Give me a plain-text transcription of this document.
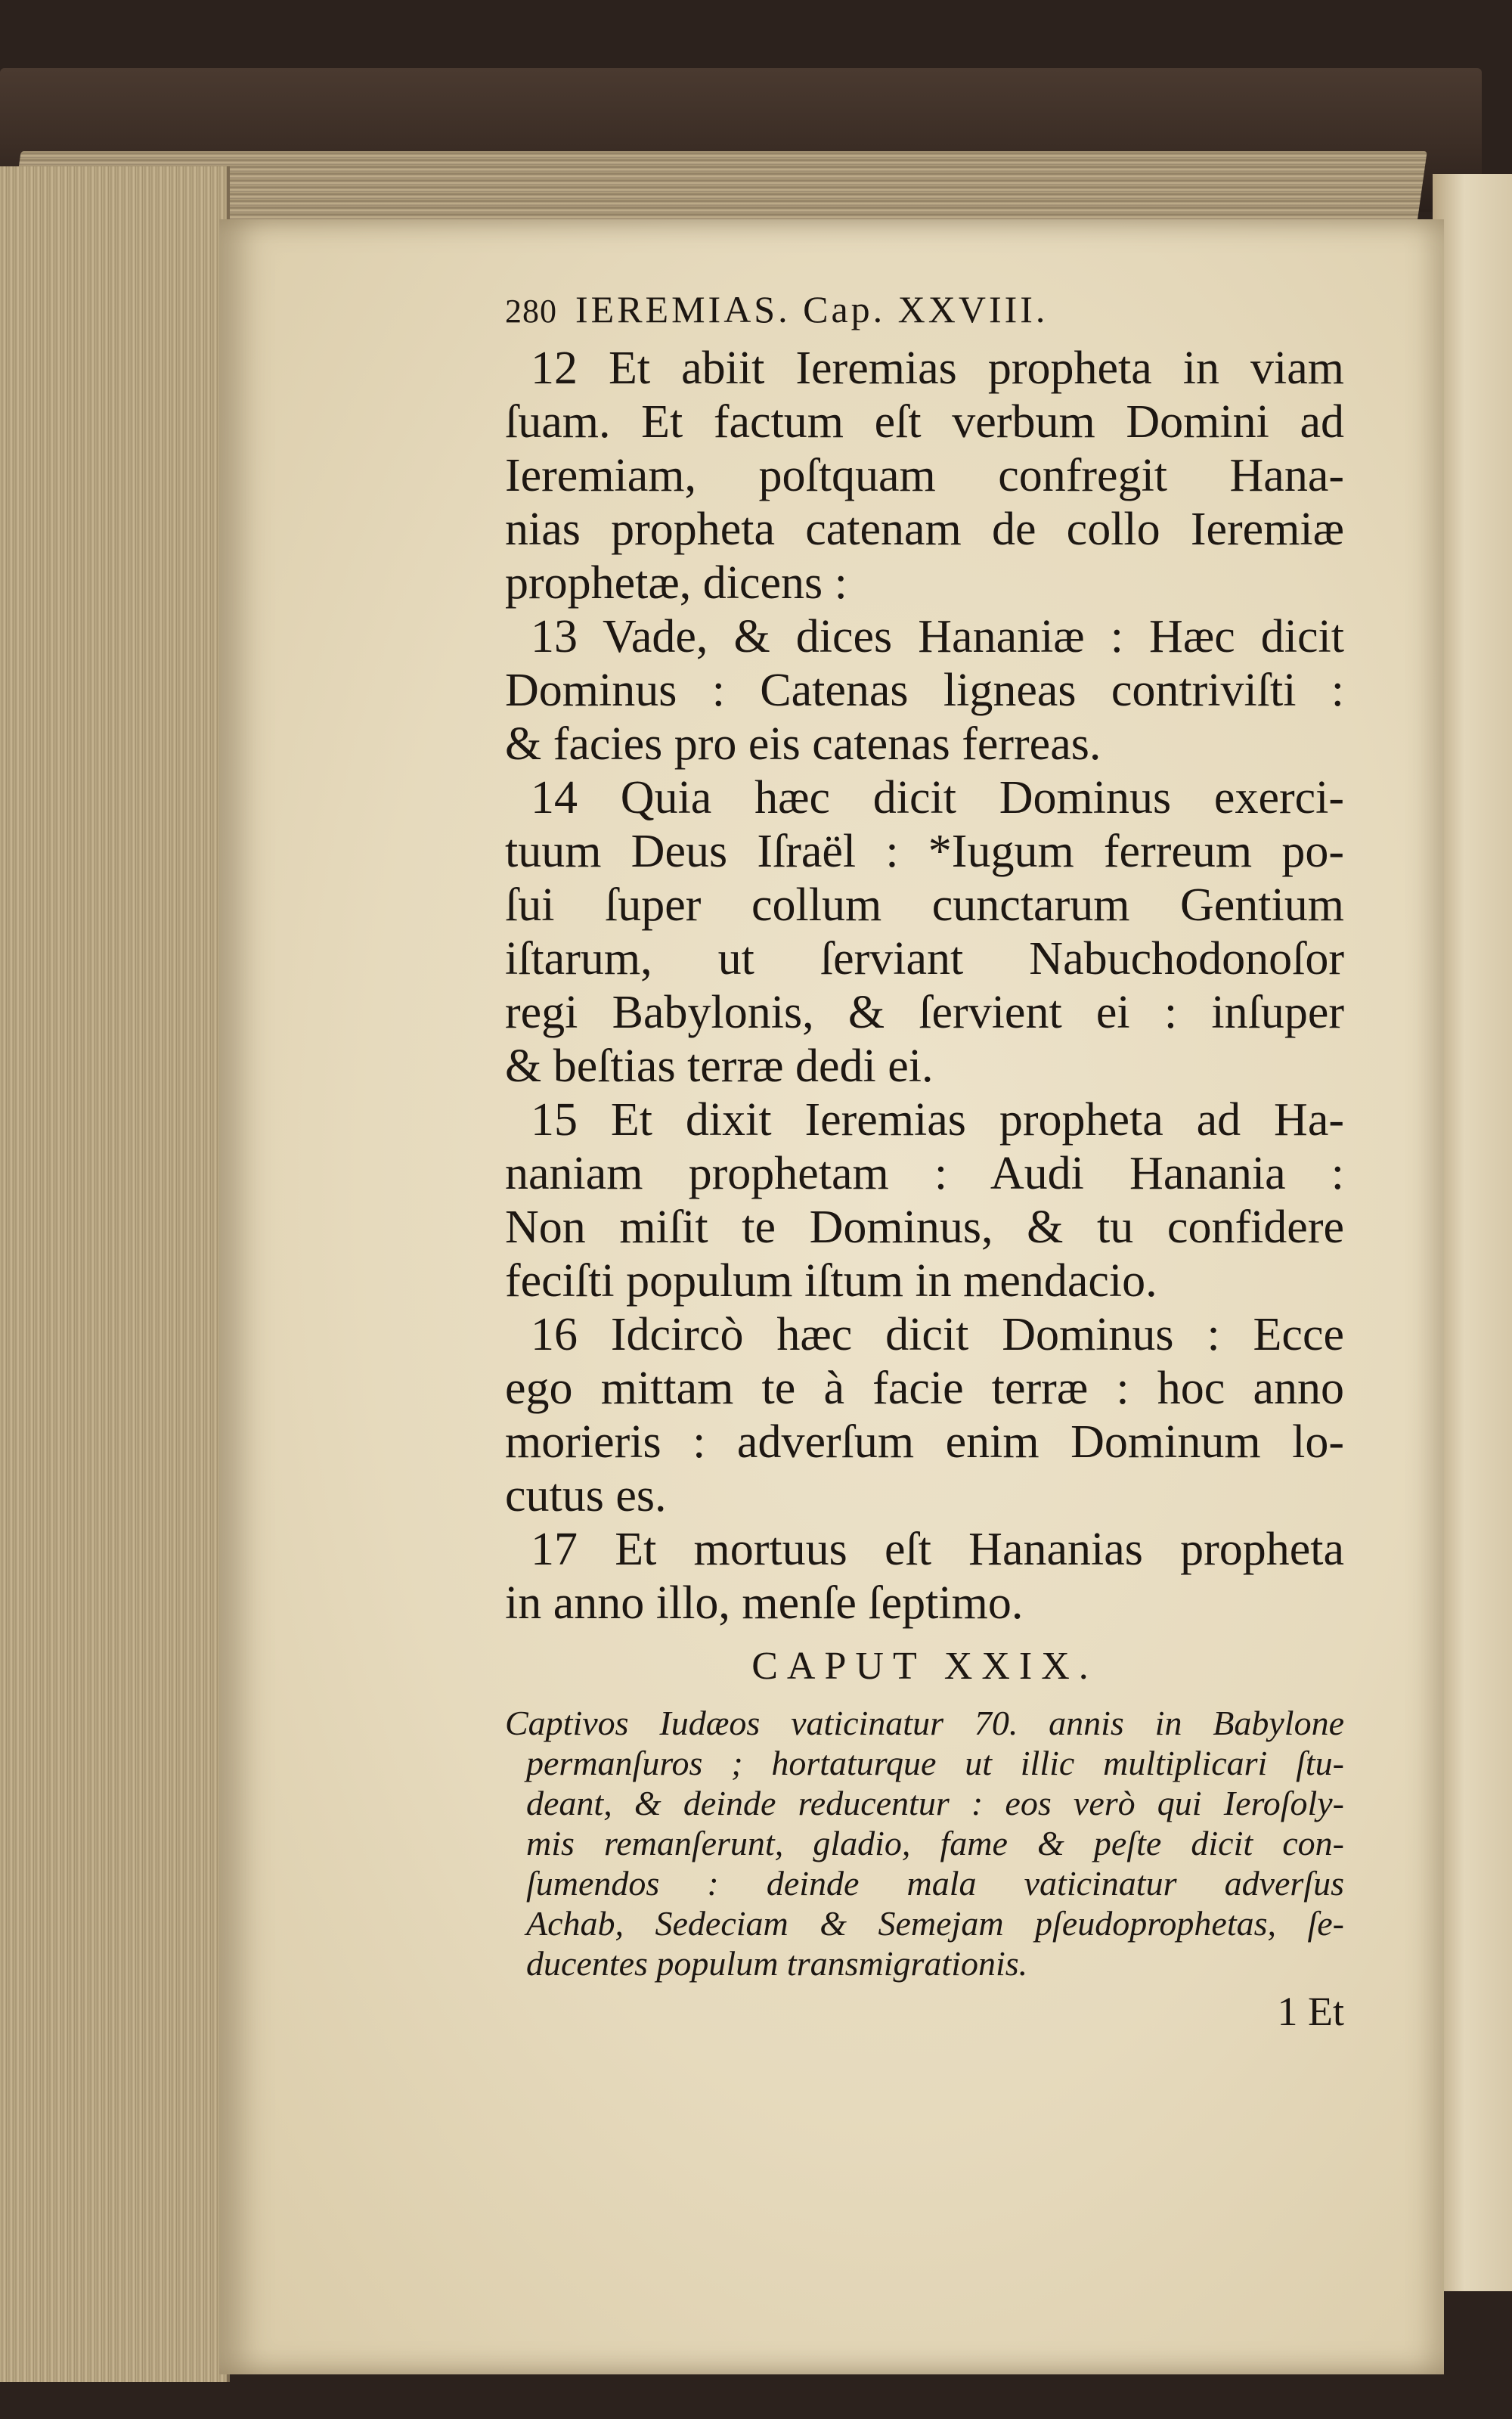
280 IEREMIAS. Cap. XXVIII.
12 Et abiit Ieremias propheta in viam
ſuam. Et factum eſt verbum Domini ad
Ieremiam, poſtquam confregit Hana-
nias propheta catenam de collo Ieremiæ
prophetæ, dicens :
13 Vade, & dices Hananiæ : Hæc dicit
Dominus : Catenas ligneas contriviſti :
& facies pro eis catenas ferreas.
14 Quia hæc dicit Dominus exerci-
tuum Deus Iſraël : *Iugum ferreum po-
ſui ſuper collum cunctarum Gentium
iſtarum, ut ſerviant Nabuchodonoſor
regi Babylonis, & ſervient ei : inſuper
& beſtias terræ dedi ei.
15 Et dixit Ieremias propheta ad Ha-
naniam prophetam : Audi Hanania :
Non miſit te Dominus, & tu confidere
feciſti populum iſtum in mendacio.
16 Idcircò hæc dicit Dominus : Ecce
ego mittam te à facie terræ : hoc anno
morieris : adverſum enim Dominum lo-
cutus es.
17 Et mortuus eſt Hananias propheta
in anno illo, menſe ſeptimo.
CAPUT XXIX.
Captivos Iudæos vaticinatur 70. annis in Babylone
permanſuros ; hortaturque ut illic multiplicari ſtu-
deant, & deinde reducentur : eos verò qui Ieroſoly-
mis remanſerunt, gladio, fame & peſte dicit con-
ſumendos : deinde mala vaticinatur adverſus
Achab, Sedeciam & Semejam pſeudoprophetas, ſe-
ducentes populum transmigrationis.
1 Et
